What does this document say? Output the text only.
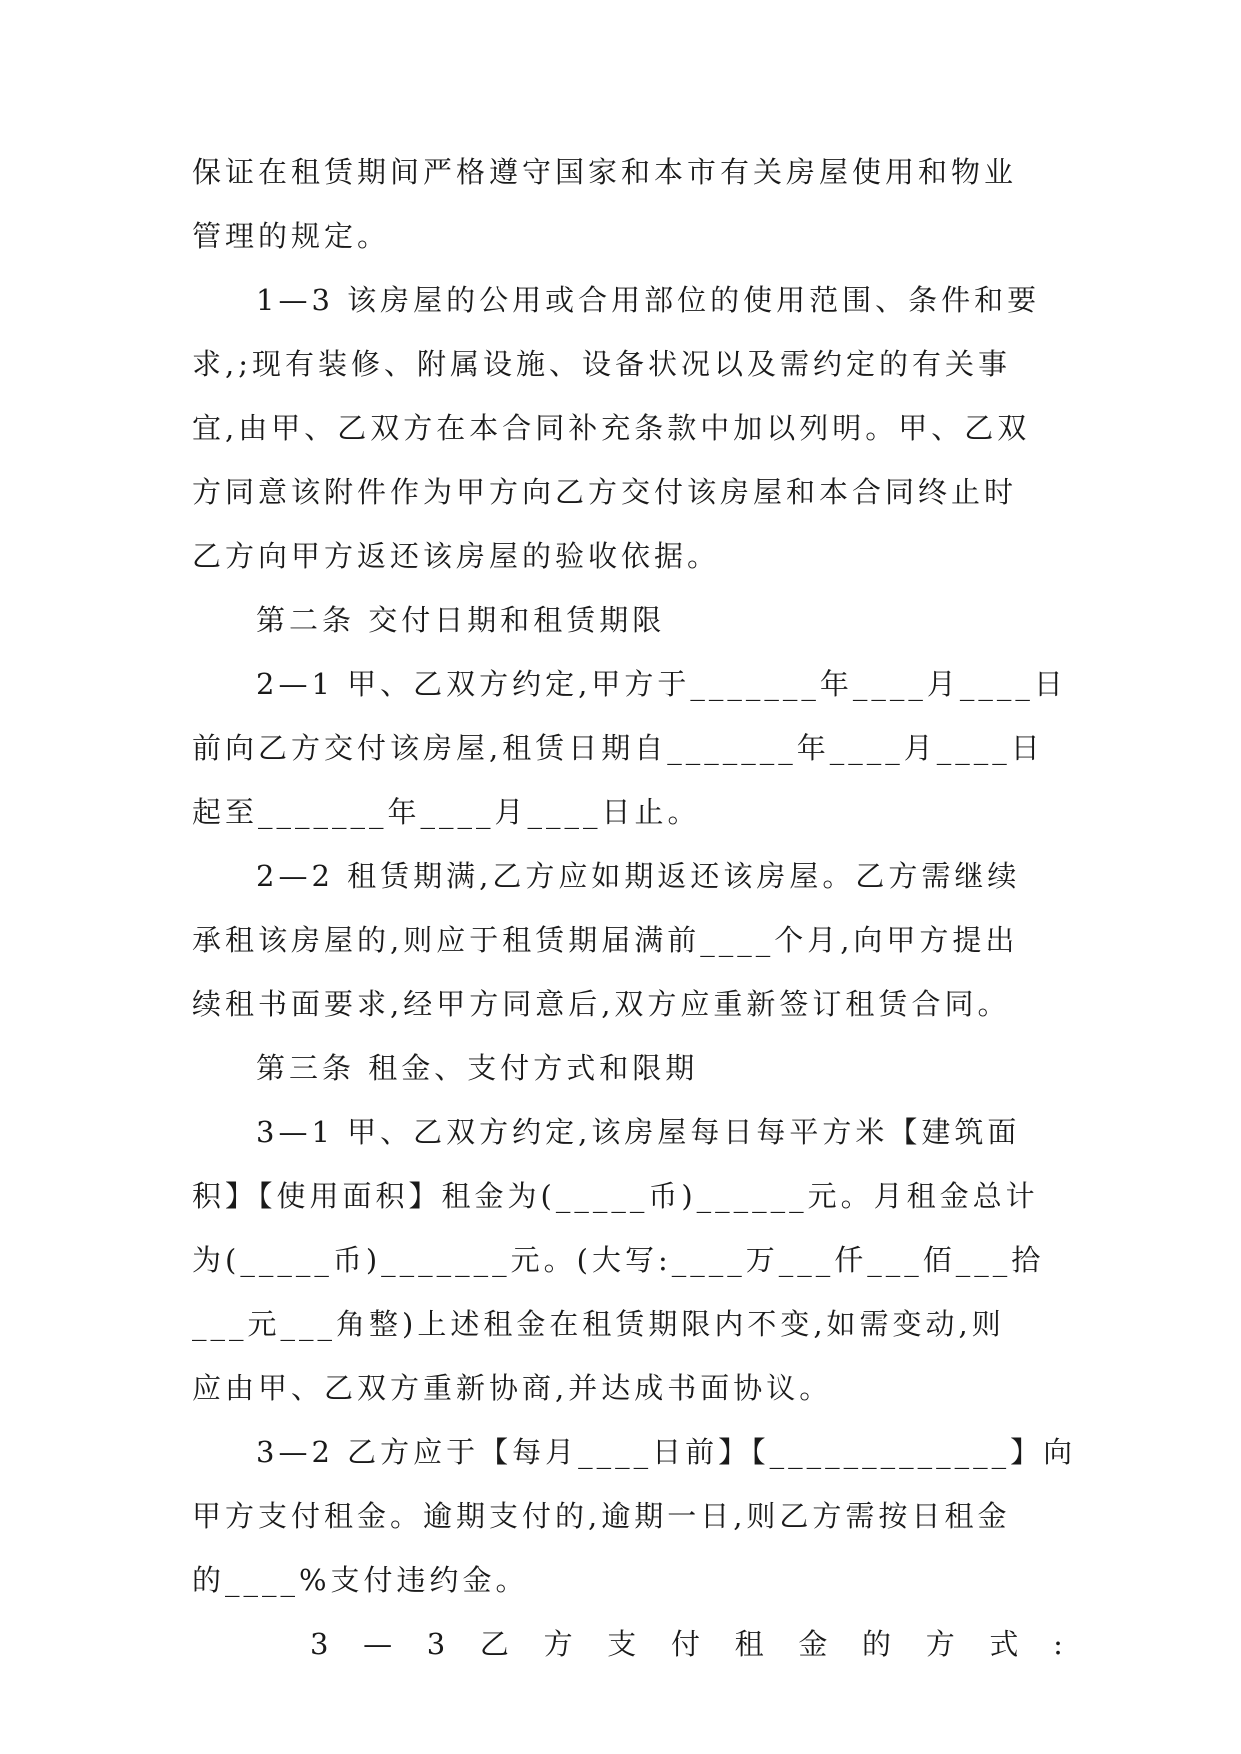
保证在租赁期间严格遵守国家和本市有关房屋使用和物业
管理的规定。
1—3 该房屋的公用或合用部位的使用范围、条件和要
求,;现有装修、附属设施、设备状况以及需约定的有关事
宜,由甲、乙双方在本合同补充条款中加以列明。甲、乙双
方同意该附件作为甲方向乙方交付该房屋和本合同终止时
乙方向甲方返还该房屋的验收依据。
第二条 交付日期和租赁期限
2—1 甲、乙双方约定,甲方于_______年____月____日
前向乙方交付该房屋,租赁日期自_______年____月____日
起至_______年____月____日止。
2—2 租赁期满,乙方应如期返还该房屋。乙方需继续
承租该房屋的,则应于租赁期届满前____个月,向甲方提出
续租书面要求,经甲方同意后,双方应重新签订租赁合同。
第三条 租金、支付方式和限期
3—1 甲、乙双方约定,该房屋每日每平方米【建筑面
积】【使用面积】租金为(_____币)______元。月租金总计
为(_____币)_______元。(大写:____万___仟___佰___拾
___元___角整)上述租金在租赁期限内不变,如需变动,则
应由甲、乙双方重新协商,并达成书面协议。
3—2 乙方应于【每月____日前】【_____________】向
甲方支付租金。逾期支付的,逾期一日,则乙方需按日租金
的____%支付违约金。
3 — 3 乙 方 支 付 租 金 的 方 式 :
